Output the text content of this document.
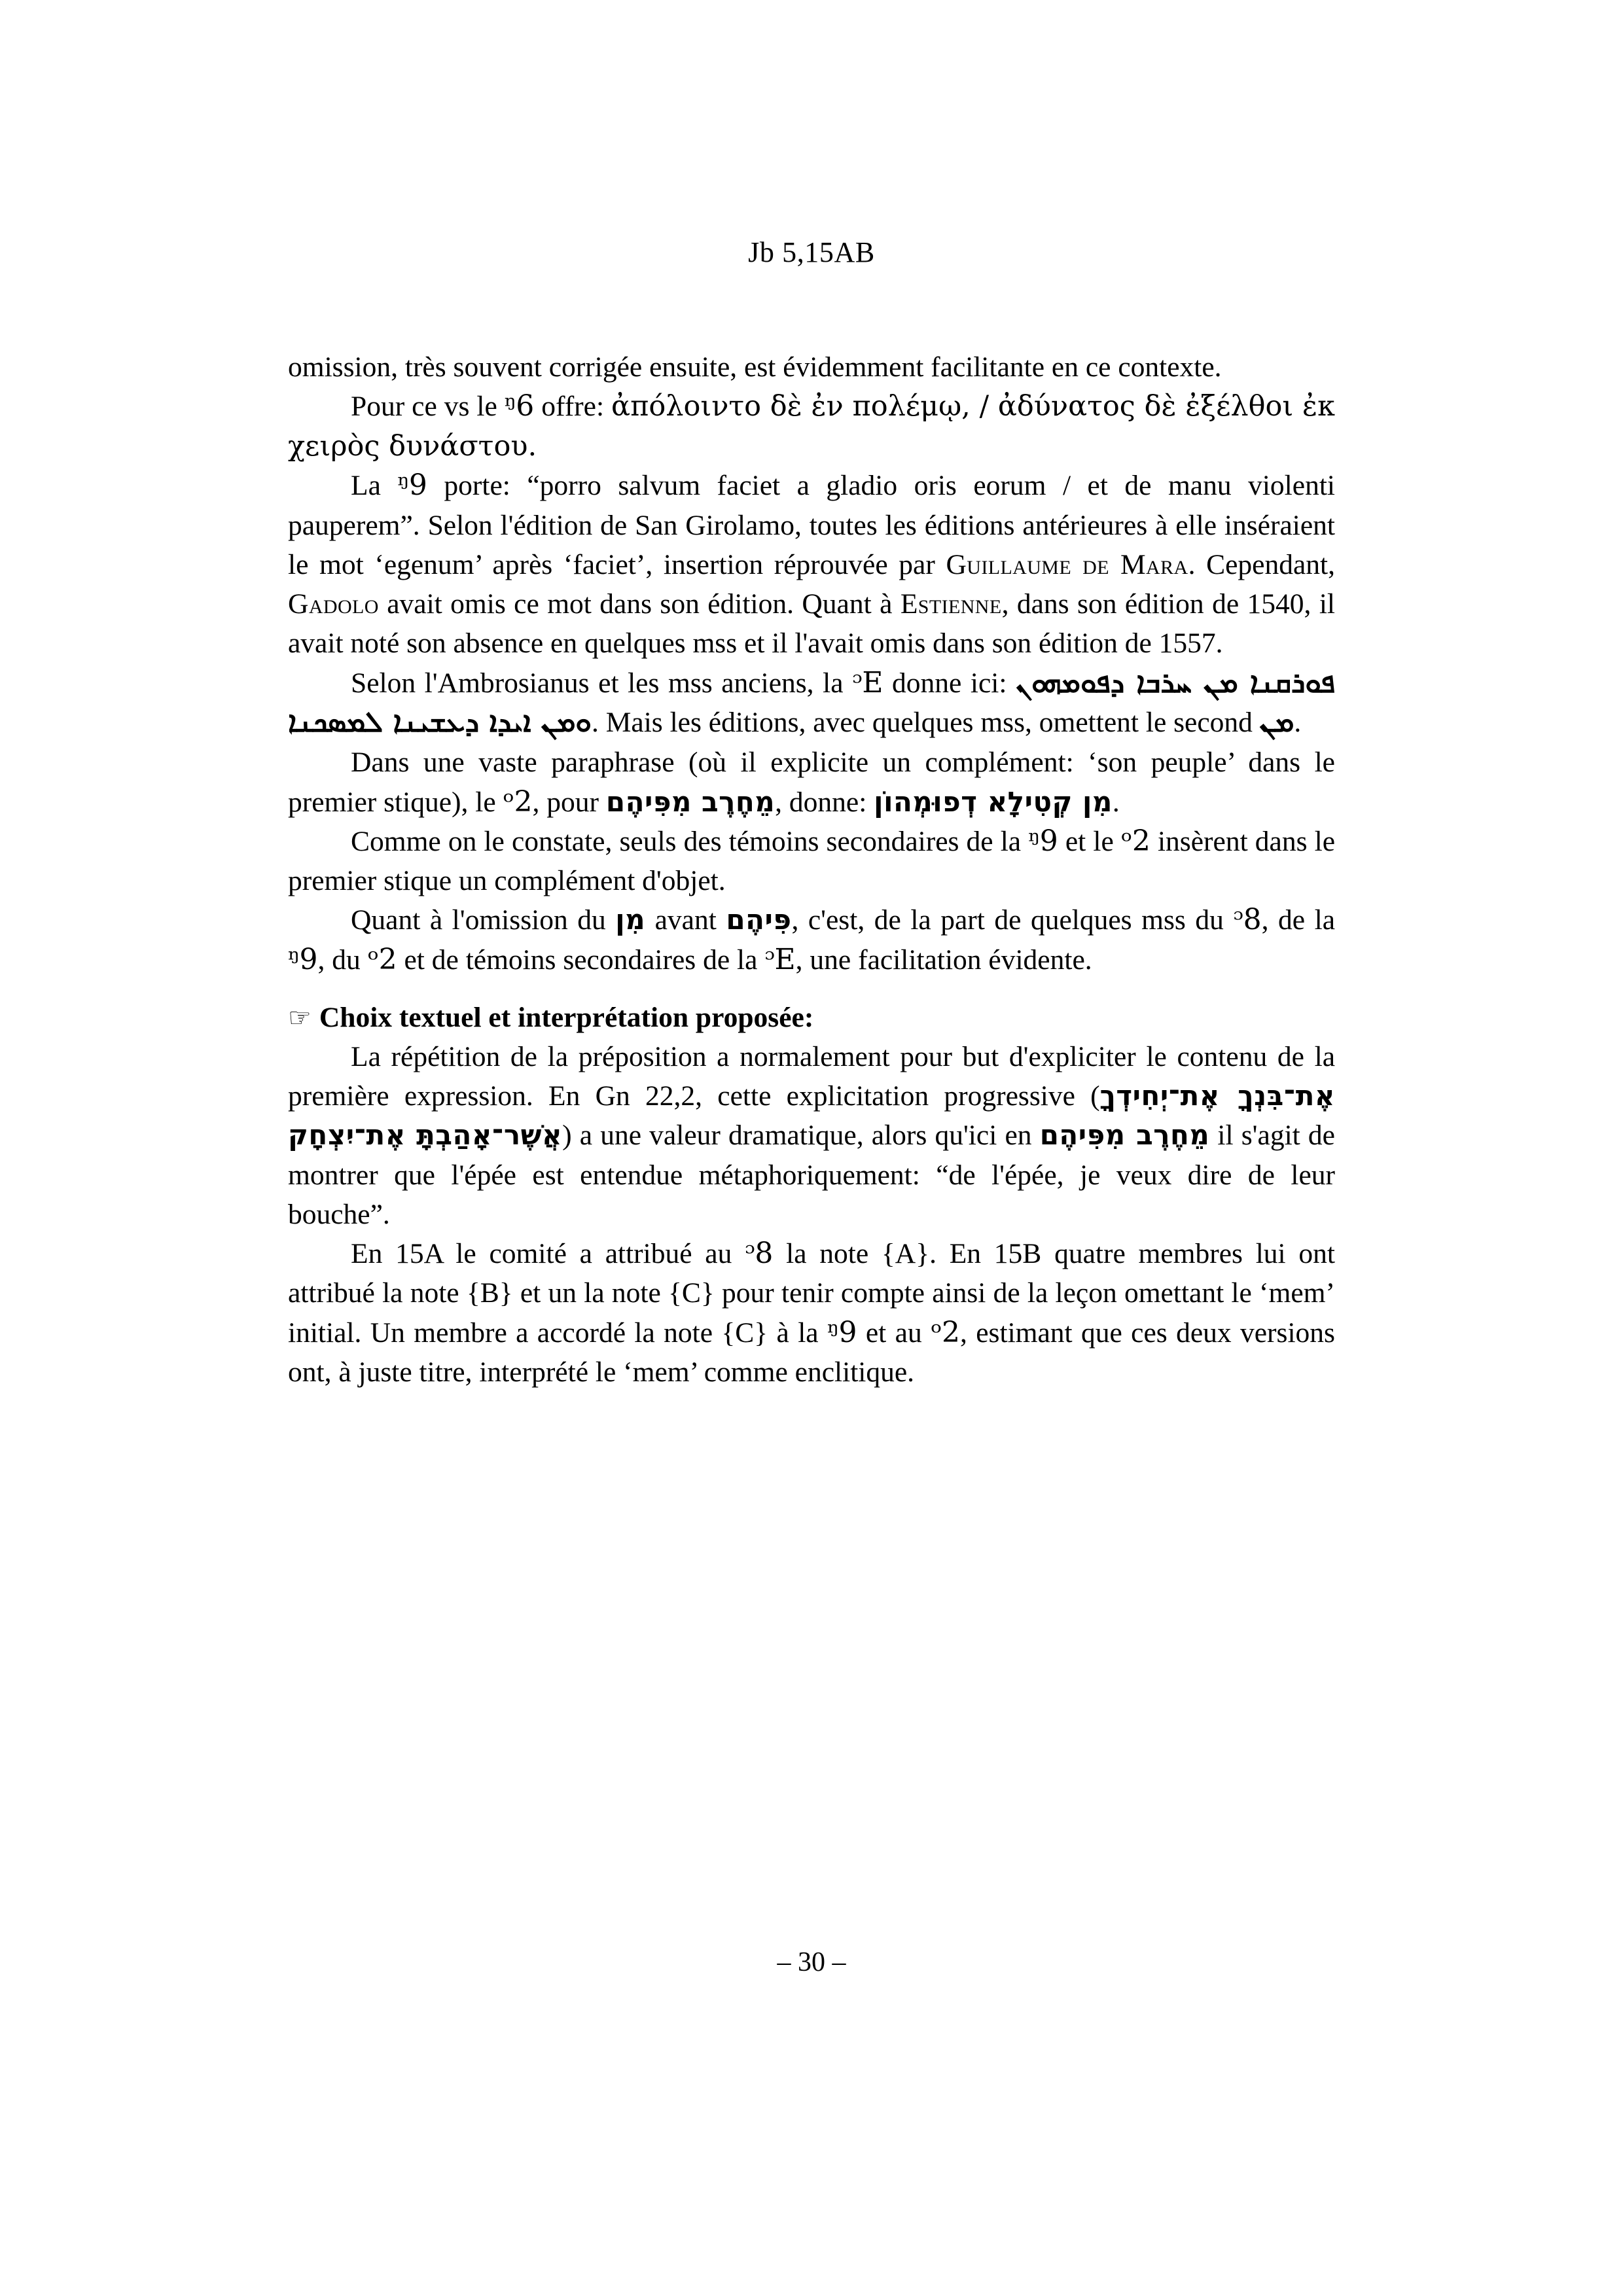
Jb 5,15AB

omission, très souvent corrigée ensuite, est évidemment facilitante en ce contexte.

Pour ce vs le ᵑ6 offre: ἀπόλοιντο δὲ ἐν πολέμῳ, / ἀδύνατος δὲ ἐξέλθοι ἐκ χειρὸς δυνάστου.

La ᵑ9 porte: “porro salvum faciet a gladio oris eorum / et de manu violenti pauperem”. Selon l'édition de San Girolamo, toutes les éditions antérieures à elle inséraient le mot ‘egenum’ après ‘faciet’, insertion réprouvée par Guillaume de Mara. Cependant, Gadolo avait omis ce mot dans son édition. Quant à Estienne, dans son édition de 1540, il avait noté son absence en quelques mss et il l'avait omis dans son édition de 1557.

Selon l'Ambrosianus et les mss anciens, la ᵓE donne ici: ܦܘܪܩܢܐ ܡܢ ܚܪܒܐ ܕܦܘܡܗܘܢ ܘܡܢ ܐܝܕܐ ܕܥܫܝܢܐ ܠܡܣܟܢܐ. Mais les éditions, avec quelques mss, omettent le second ܡܢ.

Dans une vaste paraphrase (où il explicite un complément: ‘son peuple’ dans le premier stique), le ᵒ2, pour מֵחֶרֶב מִפִּיהֶם, donne: מִן קְטִילָא דְפוּמְהוֹן.

Comme on le constate, seuls des témoins secondaires de la ᵑ9 et le ᵒ2 insèrent dans le premier stique un complément d'objet.

Quant à l'omission du מִן avant פִּיהֶם, c'est, de la part de quelques mss du ᵓ8, de la ᵑ9, du ᵒ2 et de témoins secondaires de la ᵓE, une facilitation évidente.

☞ Choix textuel et interprétation proposée:

La répétition de la préposition a normalement pour but d'expliciter le contenu de la première expression. En Gn 22,2, cette explicitation progressive (אֶת־בִּנְךָ אֶת־יְחִידְךָ אֲשֶׁר־אָהַבְתָּ אֶת־יִצְחָק) a une valeur dramatique, alors qu'ici en מֵחֶרֶב מִפִּיהֶם il s'agit de montrer que l'épée est entendue métaphoriquement: “de l'épée, je veux dire de leur bouche”.

En 15A le comité a attribué au ᵓ8 la note {A}. En 15B quatre membres lui ont attribué la note {B} et un la note {C} pour tenir compte ainsi de la leçon omettant le ‘mem’ initial. Un membre a accordé la note {C} à la ᵑ9 et au ᵒ2, estimant que ces deux versions ont, à juste titre, interprété le ‘mem’ comme enclitique.

– 30 –
